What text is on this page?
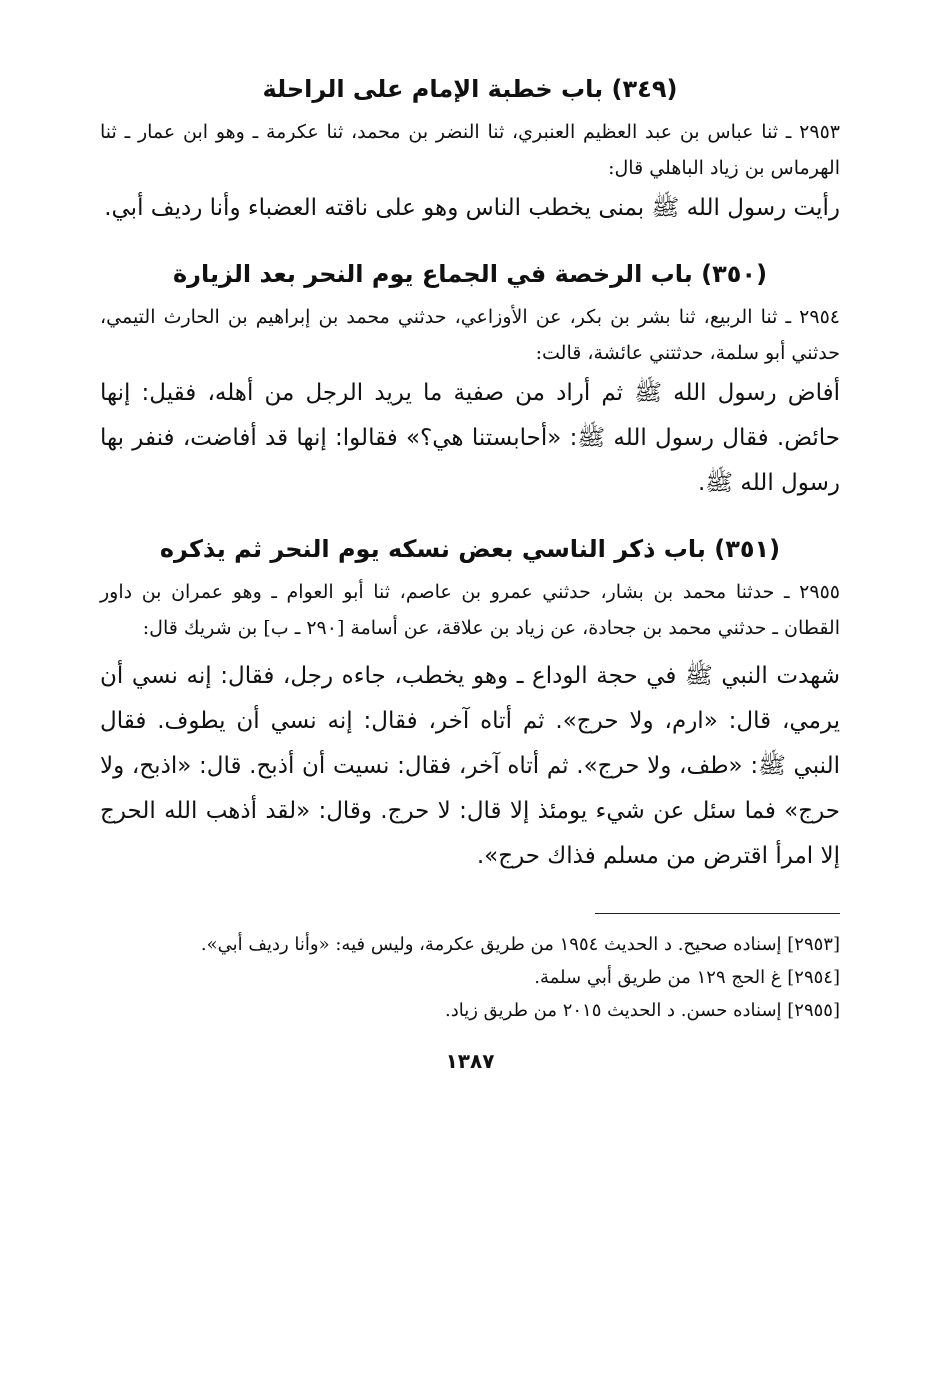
(٣٤٩) باب خطبة الإمام على الراحلة

٢٩٥٣ ـ ثنا عباس بن عبد العظيم العنبري، ثنا النضر بن محمد، ثنا عكرمة ـ وهو ابن عمار ـ ثنا الهرماس بن زياد الباهلي قال:

رأيت رسول الله ﷺ بمنى يخطب الناس وهو على ناقته العضباء وأنا رديف أبي.

(٣٥٠) باب الرخصة في الجماع يوم النحر بعد الزيارة

٢٩٥٤ ـ ثنا الربيع، ثنا بشر بن بكر، عن الأوزاعي، حدثني محمد بن إبراهيم بن الحارث التيمي، حدثني أبو سلمة، حدثتني عائشة، قالت:

أفاض رسول الله ﷺ ثم أراد من صفية ما يريد الرجل من أهله، فقيل: إنها حائض. فقال رسول الله ﷺ: «أحابستنا هي؟» فقالوا: إنها قد أفاضت، فنفر بها رسول الله ﷺ.

(٣٥١) باب ذكر الناسي بعض نسكه يوم النحر ثم يذكره

٢٩٥٥ ـ حدثنا محمد بن بشار، حدثني عمرو بن عاصم، ثنا أبو العوام ـ وهو عمران بن داور القطان ـ حدثني محمد بن جحادة، عن زياد بن علاقة، عن أسامة [٢٩٠ ـ ب] بن شريك قال:

شهدت النبي ﷺ في حجة الوداع ـ وهو يخطب، جاءه رجل، فقال: إنه نسي أن يرمي، قال: «ارم، ولا حرج». ثم أتاه آخر، فقال: إنه نسي أن يطوف. فقال النبي ﷺ: «طف، ولا حرج». ثم أتاه آخر، فقال: نسيت أن أذبح. قال: «اذبح، ولا حرج» فما سئل عن شيء يومئذ إلا قال: لا حرج. وقال: «لقد أذهب الله الحرج إلا امرأ اقترض من مسلم فذاك حرج».

[٢٩٥٣] إسناده صحيح. د الحديث ١٩٥٤ من طريق عكرمة، وليس فيه: «وأنا رديف أبي».

[٢٩٥٤] غ الحج ١٢٩ من طريق أبي سلمة.

[٢٩٥٥] إسناده حسن. د الحديث ٢٠١٥ من طريق زياد.

١٣٨٧
